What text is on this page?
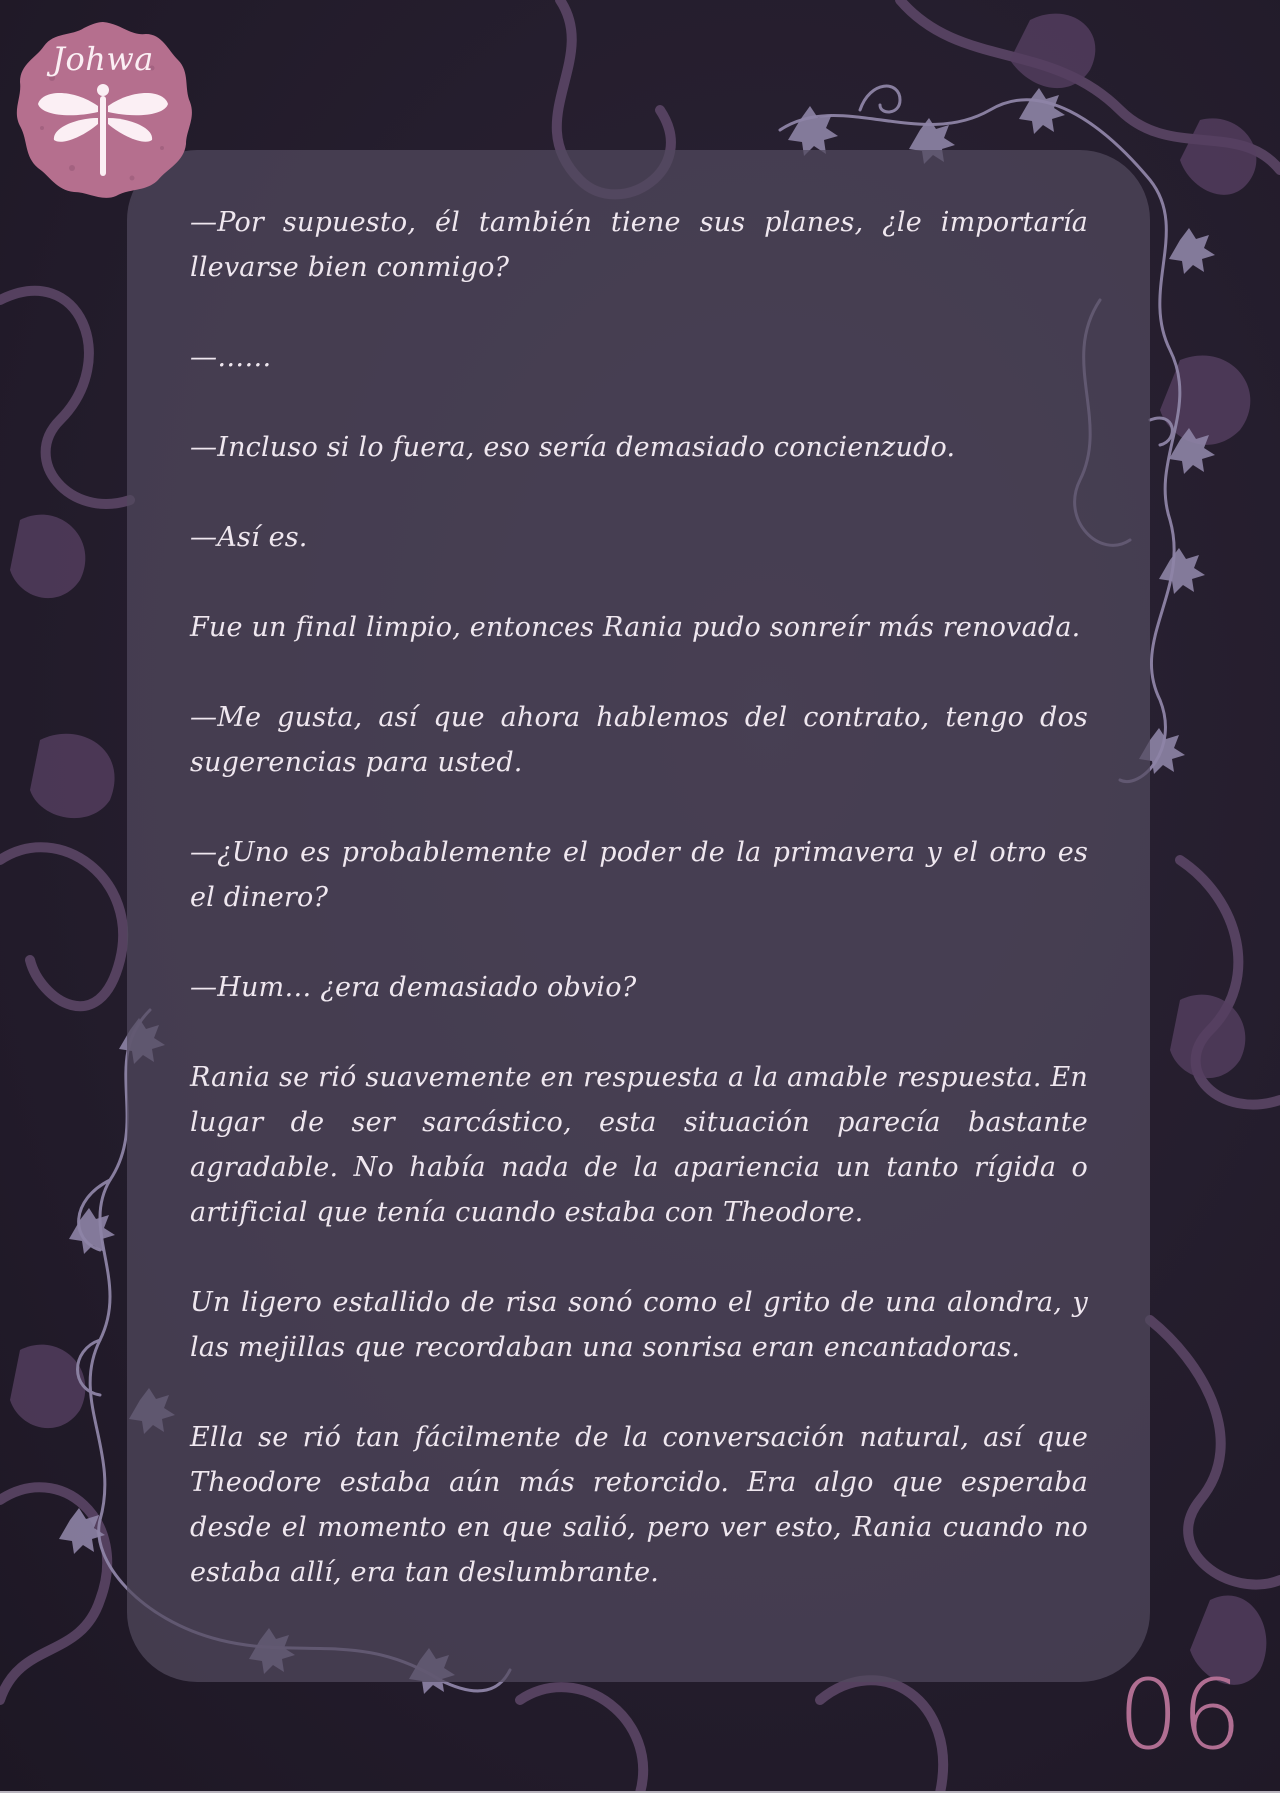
Johwa

—Por supuesto, él también tiene sus planes, ¿le importaría llevarse bien conmigo?

—……

—Incluso si lo fuera, eso sería demasiado concienzudo.

—Así es.

Fue un final limpio, entonces Rania pudo sonreír más renovada.

—Me gusta, así que ahora hablemos del contrato, tengo dos sugerencias para usted.

—¿Uno es probablemente el poder de la primavera y el otro es el dinero?

—Hum… ¿era demasiado obvio?

Rania se rió suavemente en respuesta a la amable respuesta. En lugar de ser sarcástico, esta situación parecía bastante agradable. No había nada de la apariencia un tanto rígida o artificial que tenía cuando estaba con Theodore.

Un ligero estallido de risa sonó como el grito de una alondra, y las mejillas que recordaban una sonrisa eran encantadoras.

Ella se rió tan fácilmente de la conversación natural, así que Theodore estaba aún más retorcido. Era algo que esperaba desde el momento en que salió, pero ver esto, Rania cuando no estaba allí, era tan deslumbrante.

06
